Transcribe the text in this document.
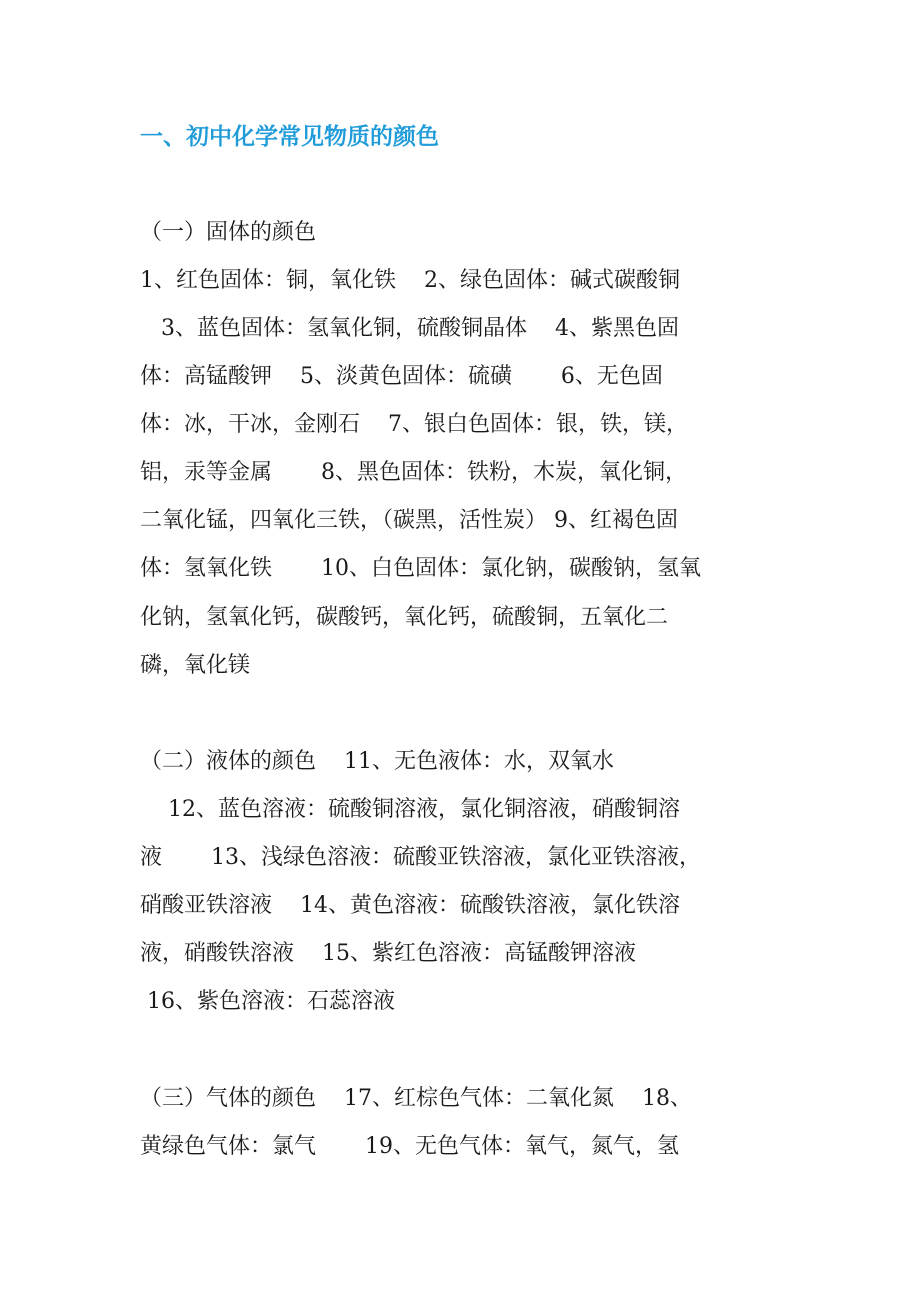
一、初中化学常见物质的颜色
（一）固体的颜色
1、红色固体：铜，氧化铁    2、绿色固体：碱式碳酸铜
3、蓝色固体：氢氧化铜，硫酸铜晶体    4、紫黑色固
体：高锰酸钾    5、淡黄色固体：硫磺       6、无色固
体：冰，干冰，金刚石    7、银白色固体：银，铁，镁，
铝，汞等金属       8、黑色固体：铁粉，木炭，氧化铜，
二氧化锰，四氧化三铁，（碳黑，活性炭） 9、红褐色固
体：氢氧化铁       10、白色固体：氯化钠，碳酸钠，氢氧
化钠，氢氧化钙，碳酸钙，氧化钙，硫酸铜，五氧化二
磷，氧化镁
（二）液体的颜色    11、无色液体：水，双氧水
12、蓝色溶液：硫酸铜溶液，氯化铜溶液，硝酸铜溶
液       13、浅绿色溶液：硫酸亚铁溶液，氯化亚铁溶液，
硝酸亚铁溶液    14、黄色溶液：硫酸铁溶液，氯化铁溶
液，硝酸铁溶液    15、紫红色溶液：高锰酸钾溶液
16、紫色溶液：石蕊溶液
（三）气体的颜色    17、红棕色气体：二氧化氮    18、
黄绿色气体：氯气       19、无色气体：氧气，氮气，氢
